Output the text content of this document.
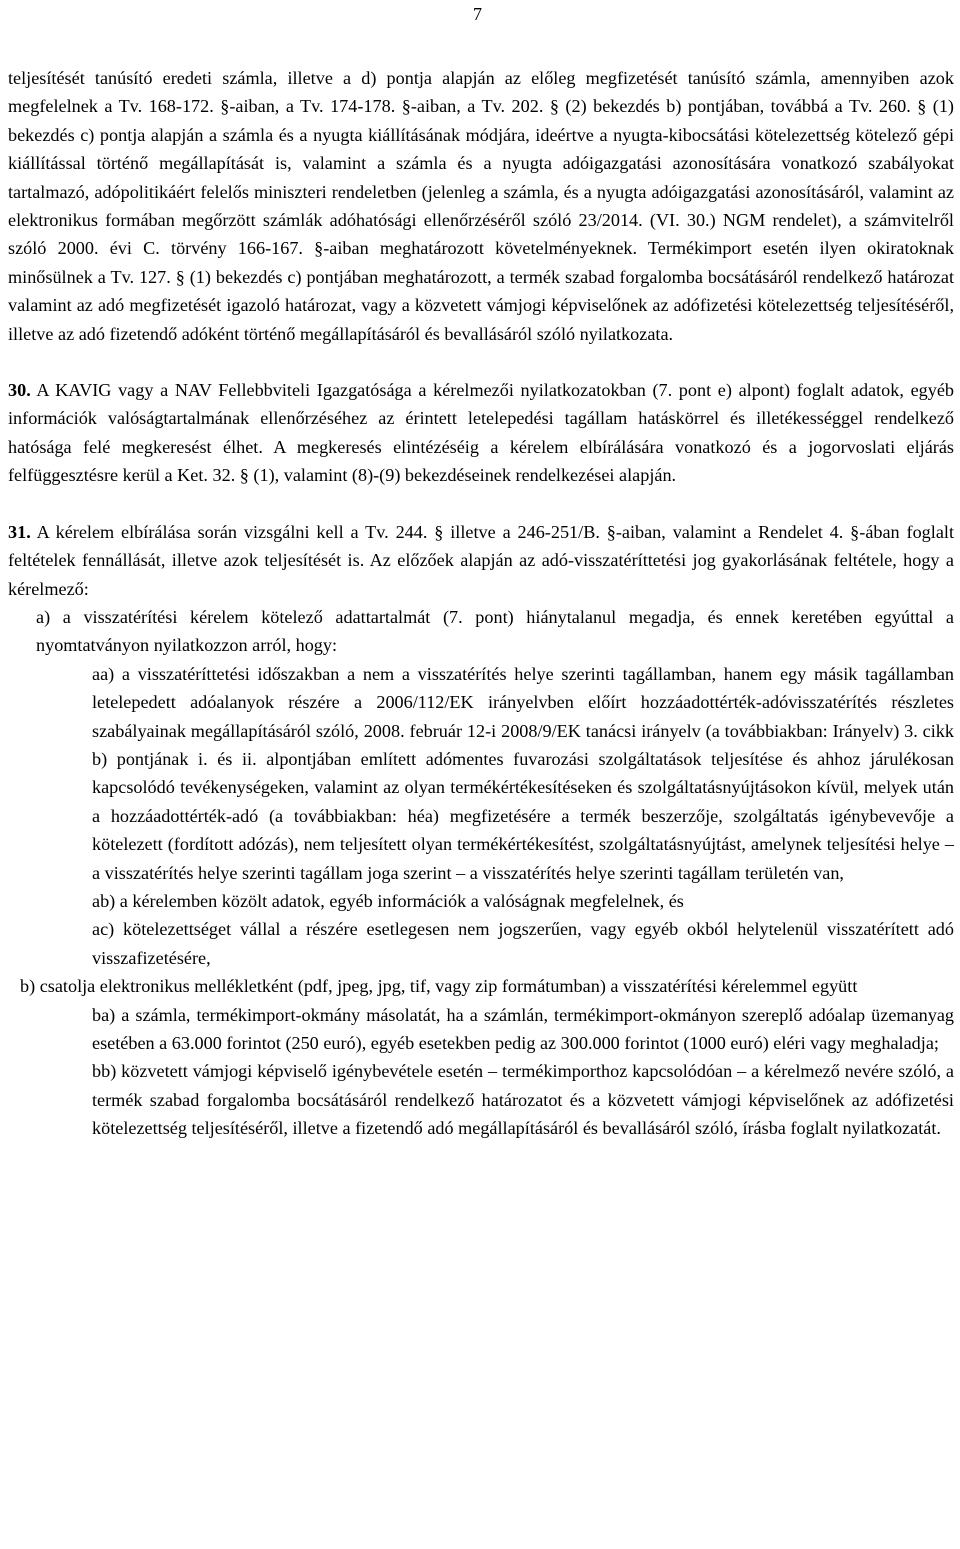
7

teljesítését tanúsító eredeti számla, illetve a d) pontja alapján az előleg megfizetését tanúsító számla, amennyiben azok megfelelnek a Tv. 168-172. §-aiban, a Tv. 174-178. §-aiban, a Tv. 202. § (2) bekezdés b) pontjában, továbbá a Tv. 260. § (1) bekezdés c) pontja alapján a számla és a nyugta kiállításának módjára, ideértve a nyugta-kibocsátási kötelezettség kötelező gépi kiállítással történő megállapítását is, valamint a számla és a nyugta adóigazgatási azonosítására vonatkozó szabályokat tartalmazó, adópolitikáért felelős miniszteri rendeletben (jelenleg a számla, és a nyugta adóigazgatási azonosításáról, valamint az elektronikus formában megőrzött számlák adóhatósági ellenőrzéséről szóló 23/2014. (VI. 30.) NGM rendelet), a számvitelről szóló 2000. évi C. törvény 166-167. §-aiban meghatározott követelményeknek. Termékimport esetén ilyen okiratoknak minősülnek a Tv. 127. § (1) bekezdés c) pontjában meghatározott, a termék szabad forgalomba bocsátásáról rendelkező határozat valamint az adó megfizetését igazoló határozat, vagy a közvetett vámjogi képviselőnek az adófizetési kötelezettség teljesítéséről, illetve az adó fizetendő adóként történő megállapításáról és bevallásáról szóló nyilatkozata.

30. A KAVIG vagy a NAV Fellebbviteli Igazgatósága a kérelmezői nyilatkozatokban (7. pont e) alpont) foglalt adatok, egyéb információk valóságtartalmának ellenőrzéséhez az érintett letelepedési tagállam hatáskörrel és illetékességgel rendelkező hatósága felé megkeresést élhet. A megkeresés elintézéséig a kérelem elbírálására vonatkozó és a jogorvoslati eljárás felfüggesztésre kerül a Ket. 32. § (1), valamint (8)-(9) bekezdéseinek rendelkezései alapján.

31. A kérelem elbírálása során vizsgálni kell a Tv. 244. § illetve a 246-251/B. §-aiban, valamint a Rendelet 4. §-ában foglalt feltételek fennállását, illetve azok teljesítését is. Az előzőek alapján az adó-visszatéríttetési jog gyakorlásának feltétele, hogy a kérelmező:

a) a visszatérítési kérelem kötelező adattartalmát (7. pont) hiánytalanul megadja, és ennek keretében egyúttal a nyomtatványon nyilatkozzon arról, hogy:

aa) a visszatéríttetési időszakban a nem a visszatérítés helye szerinti tagállamban, hanem egy másik tagállamban letelepedett adóalanyok részére a 2006/112/EK irányelvben előírt hozzáadottérték-adóvisszatérítés részletes szabályainak megállapításáról szóló, 2008. február 12-i 2008/9/EK tanácsi irányelv (a továbbiakban: Irányelv) 3. cikk b) pontjának i. és ii. alpontjában említett adómentes fuvarozási szolgáltatások teljesítése és ahhoz járulékosan kapcsolódó tevékenységeken, valamint az olyan termékértékesítéseken és szolgáltatásnyújtásokon kívül, melyek után a hozzáadottérték-adó (a továbbiakban: héa) megfizetésére a termék beszerzője, szolgáltatás igénybevevője a kötelezett (fordított adózás), nem teljesített olyan termékértékesítést, szolgáltatásnyújtást, amelynek teljesítési helye – a visszatérítés helye szerinti tagállam joga szerint – a visszatérítés helye szerinti tagállam területén van,

ab) a kérelemben közölt adatok, egyéb információk a valóságnak megfelelnek, és

ac) kötelezettséget vállal a részére esetlegesen nem jogszerűen, vagy egyéb okból helytelenül visszatérített adó visszafizetésére,

b) csatolja elektronikus mellékletként (pdf, jpeg, jpg, tif, vagy zip formátumban) a visszatérítési kérelemmel együtt

ba) a számla, termékimport-okmány másolatát, ha a számlán, termékimport-okmányon szereplő adóalap üzemanyag esetében a 63.000 forintot (250 euró), egyéb esetekben pedig az 300.000 forintot (1000 euró) eléri vagy meghaladja;

bb) közvetett vámjogi képviselő igénybevétele esetén – termékimporthoz kapcsolódóan – a kérelmező nevére szóló, a termék szabad forgalomba bocsátásáról rendelkező határozatot és a közvetett vámjogi képviselőnek az adófizetési kötelezettség teljesítéséről, illetve a fizetendő adó megállapításáról és bevallásáról szóló, írásba foglalt nyilatkozatát.
